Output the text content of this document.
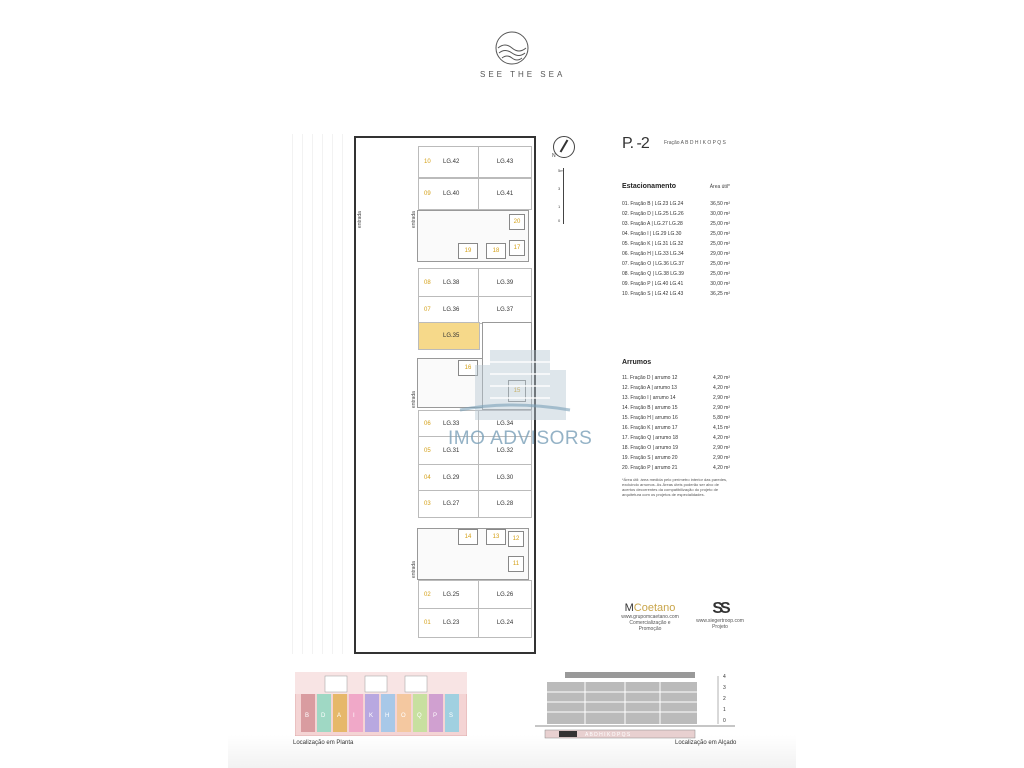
SEE THE SEA
entrada	entrada
entrada
entrada
10 LG.42	LG.43
09 LG.40	LG.41
08 LG.38	LG.39
07 LG.36	LG.37
LG.35
06 LG.33	LG.34
05 LG.31	LG.32
04 LG.29	LG.30
03 LG.27	LG.28
02 LG.25	LG.26
01 LG.23	LG.24
20
19	18	17
16
15
14	13	12
11
N
5m
3
1
0
P. -2	Fração A B D H I K O P Q S
Estacionamento	Área útil*
01. Fração B | LG.23 LG.24	36,50 m²
02. Fração D | LG.25 LG.26	30,00 m²
03. Fração A | LG.27 LG.28	25,00 m²
04. Fração I | LG.29 LG.30	25,00 m²
05. Fração K | LG.31 LG.32	25,00 m²
06. Fração H | LG.33 LG.34	29,00 m²
07. Fração O | LG.36 LG.37	25,00 m²
08. Fração Q | LG.38 LG.39	25,00 m²
09. Fração P | LG.40 LG.41	30,00 m²
10. Fração S | LG.42 LG.43	36,25 m²
Arrumos
11. Fração D | arrumo 12	4,20 m²
12. Fração A | arrumo 13	4,20 m²
13. Fração I | arrumo 14	2,90 m²
14. Fração B | arrumo 15	2,90 m²
15. Fração H | arrumo 16	5,80 m²
16. Fração K | arrumo 17	4,15 m²
17. Fração Q | arrumo 18	4,20 m²
18. Fração O | arrumo 19	2,90 m²
19. Fração S | arrumo 20	2,90 m²
20. Fração P | arrumo 21	4,20 m²
*Área útil: área medida pelo perímetro interior das paredes, excluindo arrumos. As Áreas úteis poderão ser alvo de acertos decorrentes da compatibilização do projeto de arquitetura com os projetos de especialidades.
MCoetano
www.grupomcaetano.com
Comercialização e Promoção
SS
www.siegertroop.com
Projeto
B D A I K H O Q P S
Localização em Planta
4
3
2
1
0
A B D H I K O P Q S
Localização em Alçado
IMO ADVISORS
